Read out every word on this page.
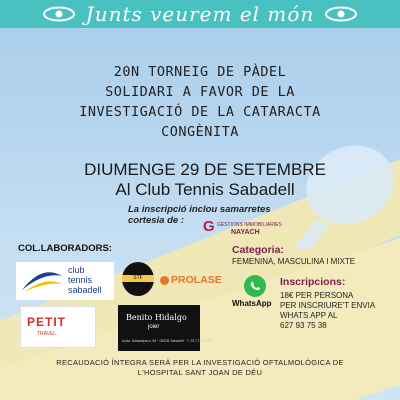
Junts veurem el món
20N TORNEIG DE PÀDEL
SOLIDARI A FAVOR DE LA
INVESTIGACIÓ DE LA CATARACTA
CONGÈNITA
DIUMENGE 29 DE SETEMBRE
Al Club Tennis Sabadell
La inscripció inclou samarretes
cortesia de :	G GESTIONS IMMOBILIARIES
NAYACH
COL.LABORADORS:	Categoria:
FEMENINA, MASCULINA I MIXTE
club
tennis
sabadell
STF	PROLASE
WhatsApp
Inscripcions:
18€ PER PERSONA
PER INSCRIURE'T ENVIA
WHATS APP AL
627 93 75 38
PETIT
TRAVEL
Benito Hidalgo
joier
Avda. Matadepera, 64 · 08208 Sabadell · T. 93 717 63 13
RECAUDACIÓ ÍNTEGRA SERÀ PER LA INVESTIGACIÓ OFTALMOLÒGICA DE
L'HOSPITAL SANT JOAN DE DÉU
